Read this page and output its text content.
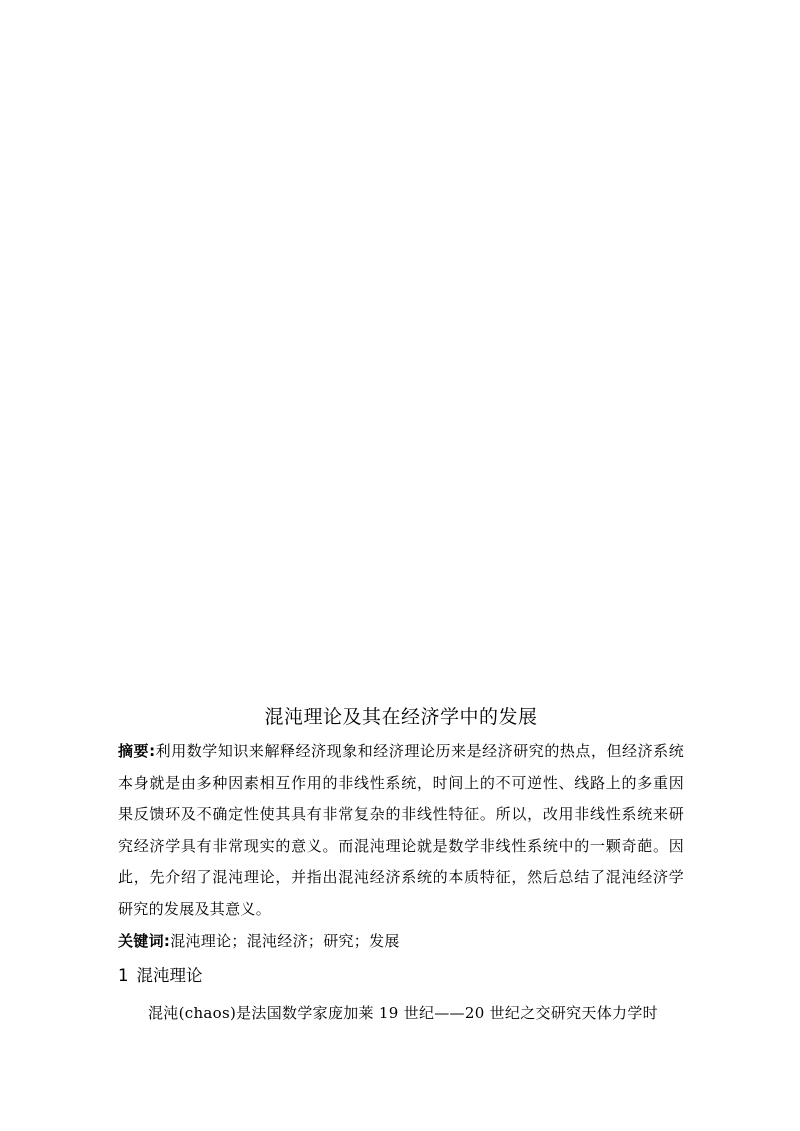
混沌理论及其在经济学中的发展

摘要:利用数学知识来解释经济现象和经济理论历来是经济研究的热点，但经济系统本身就是由多种因素相互作用的非线性系统，时间上的不可逆性、线路上的多重因果反馈环及不确定性使其具有非常复杂的非线性特征。所以，改用非线性系统来研究经济学具有非常现实的意义。而混沌理论就是数学非线性系统中的一颗奇葩。因此，先介绍了混沌理论，并指出混沌经济系统的本质特征，然后总结了混沌经济学研究的发展及其意义。

关键词:混沌理论；混沌经济；研究；发展

1 混沌理论

混沌(chaos)是法国数学家庞加莱 19 世纪——20 世纪之交研究天体力学时
